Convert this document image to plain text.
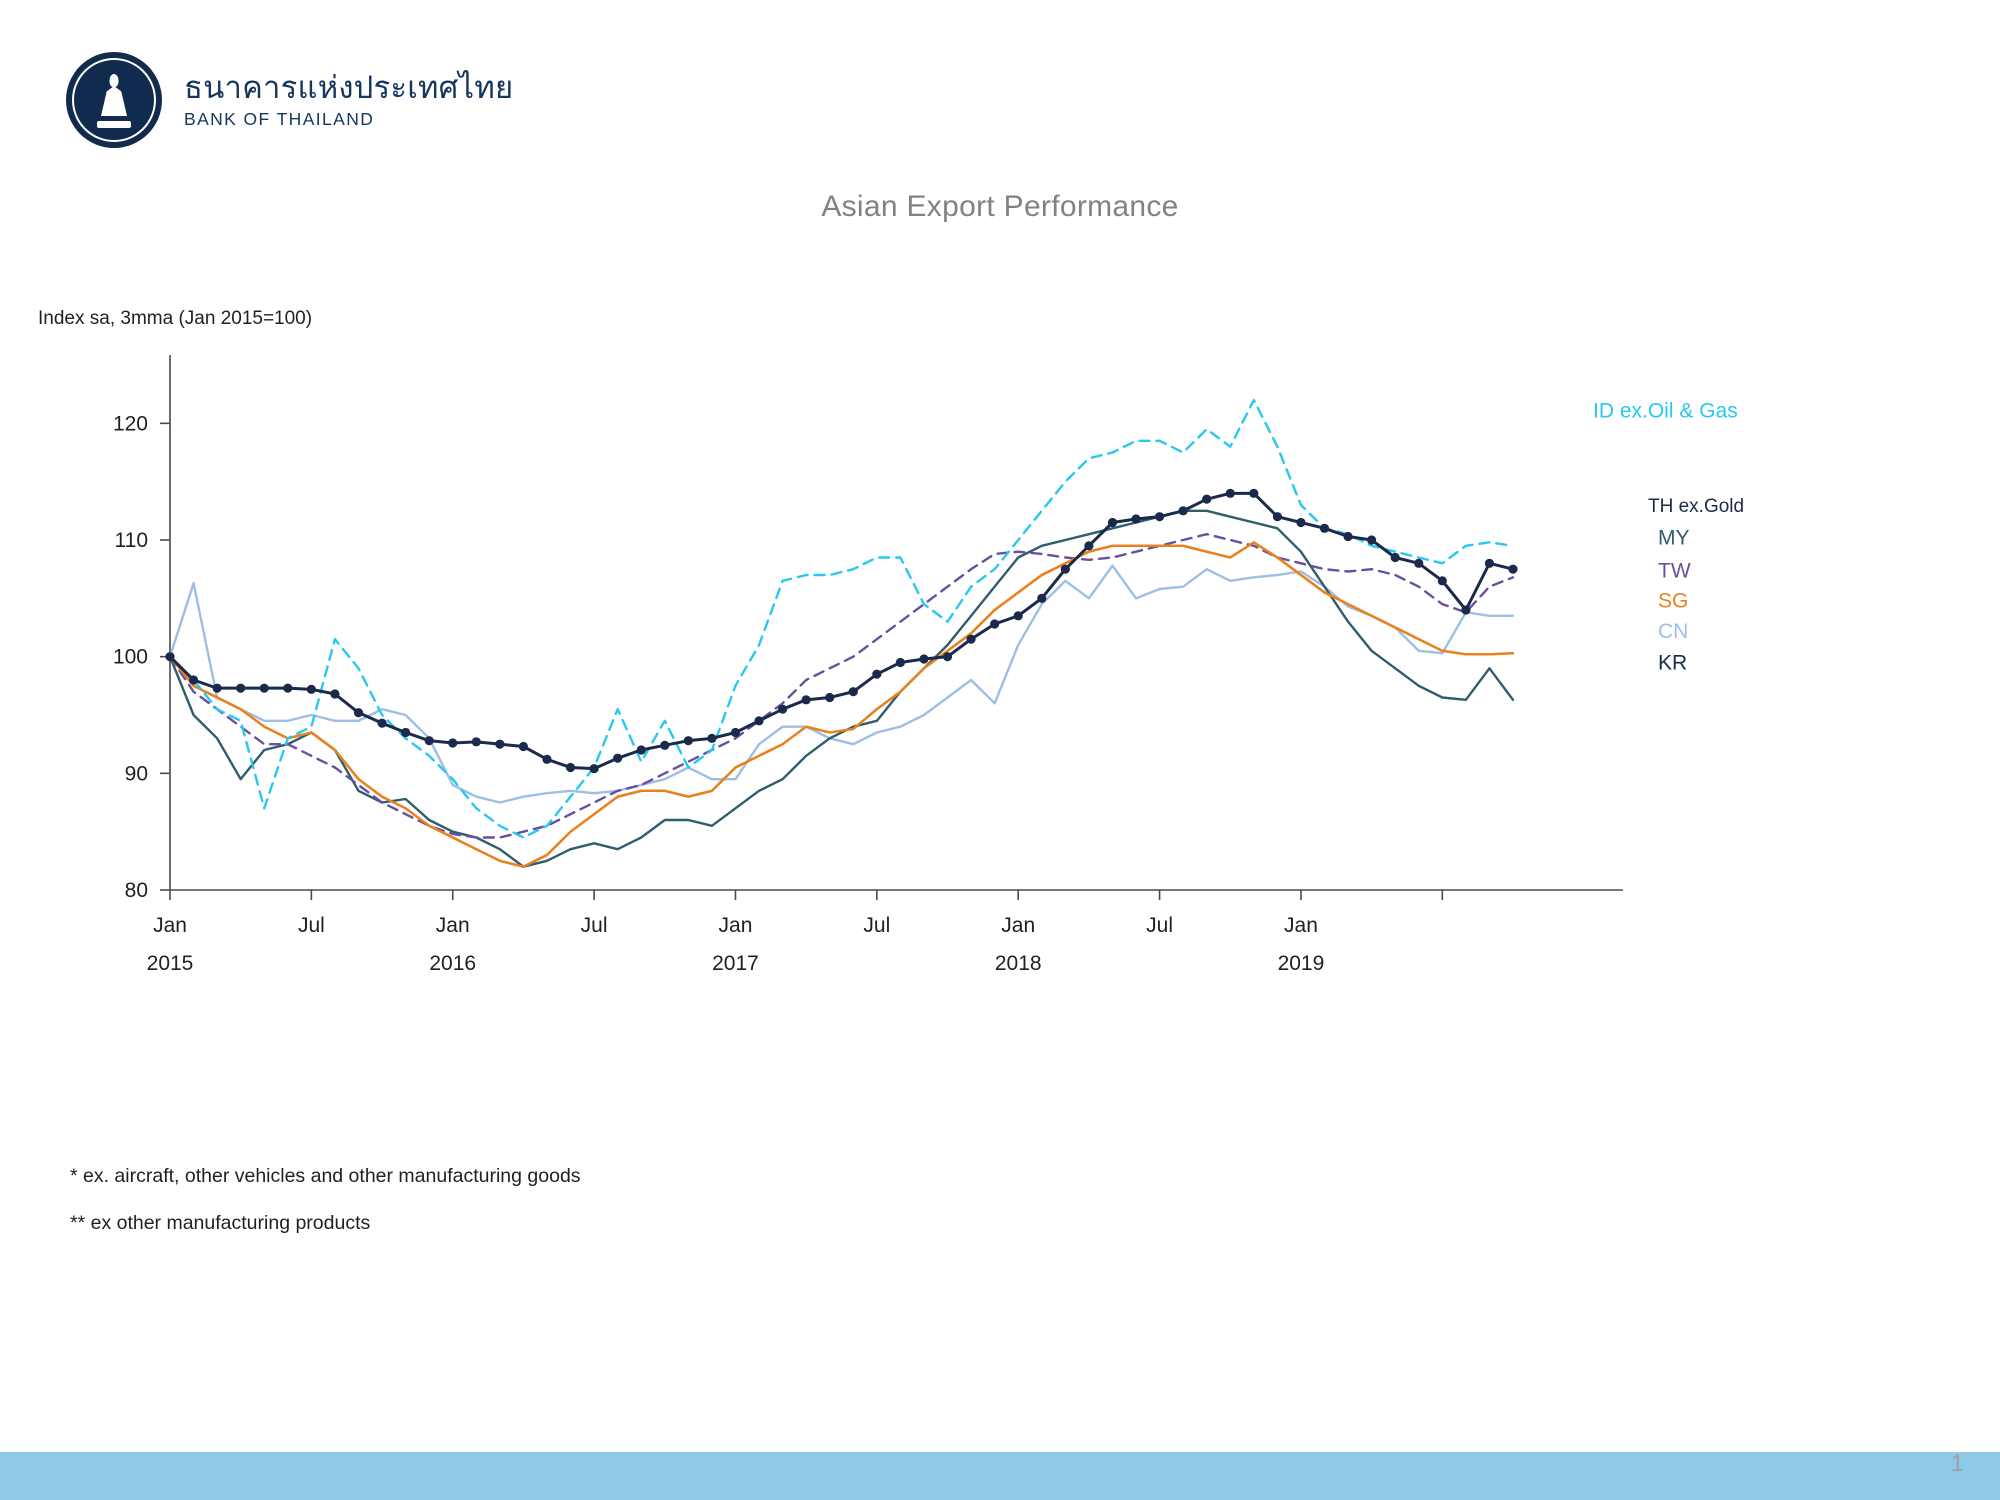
ธนาคารแห่งประเทศไทย
BANK OF THAILAND
Asian Export Performance
Index sa, 3mma (Jan 2015=100)
80
90
100
110
120
Jan	Jul	Jan	Jul	Jan	Jul	Jan	Jul	Jan
2015	2016	2017	2018	2019
ID ex.Oil & Gas
TH ex.Gold
MY
TW
SG
CN
KR
* ex. aircraft, other vehicles and other manufacturing goods
** ex other manufacturing products
1
